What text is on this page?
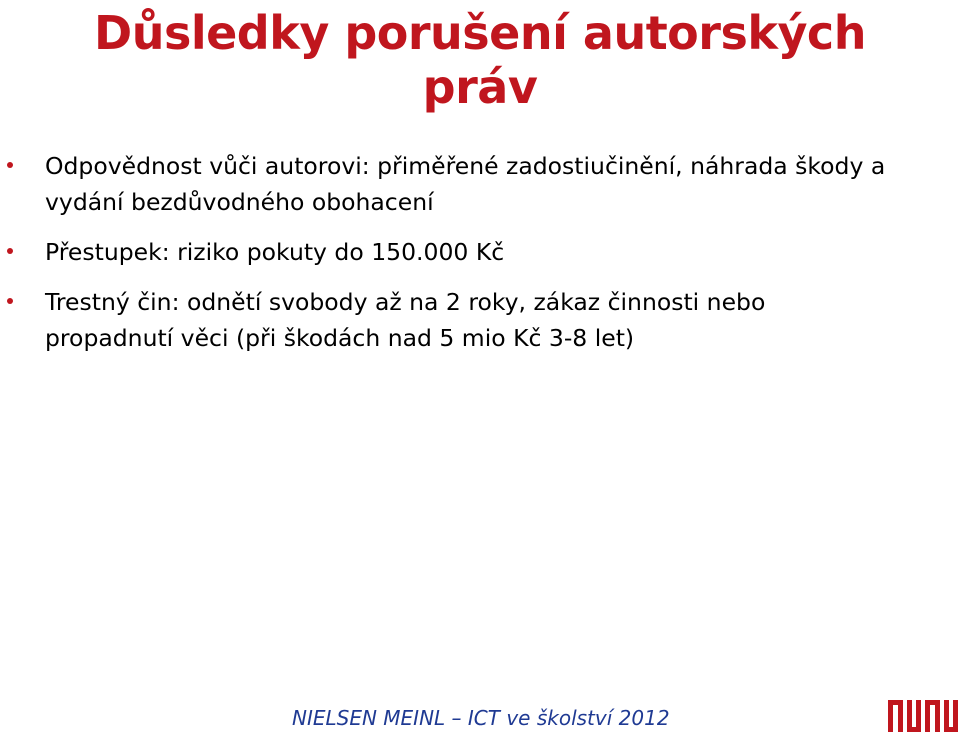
Důsledky porušení autorských práv
Odpovědnost vůči autorovi: přiměřené zadostiučinění, náhrada škody a vydání bezdůvodného obohacení
Přestupek: riziko pokuty do 150.000 Kč
Trestný čin: odnětí svobody až na 2 roky, zákaz činnosti nebo propadnutí věci (při škodách nad 5 mio Kč 3-8 let)
NIELSEN MEINL – ICT ve školství 2012
